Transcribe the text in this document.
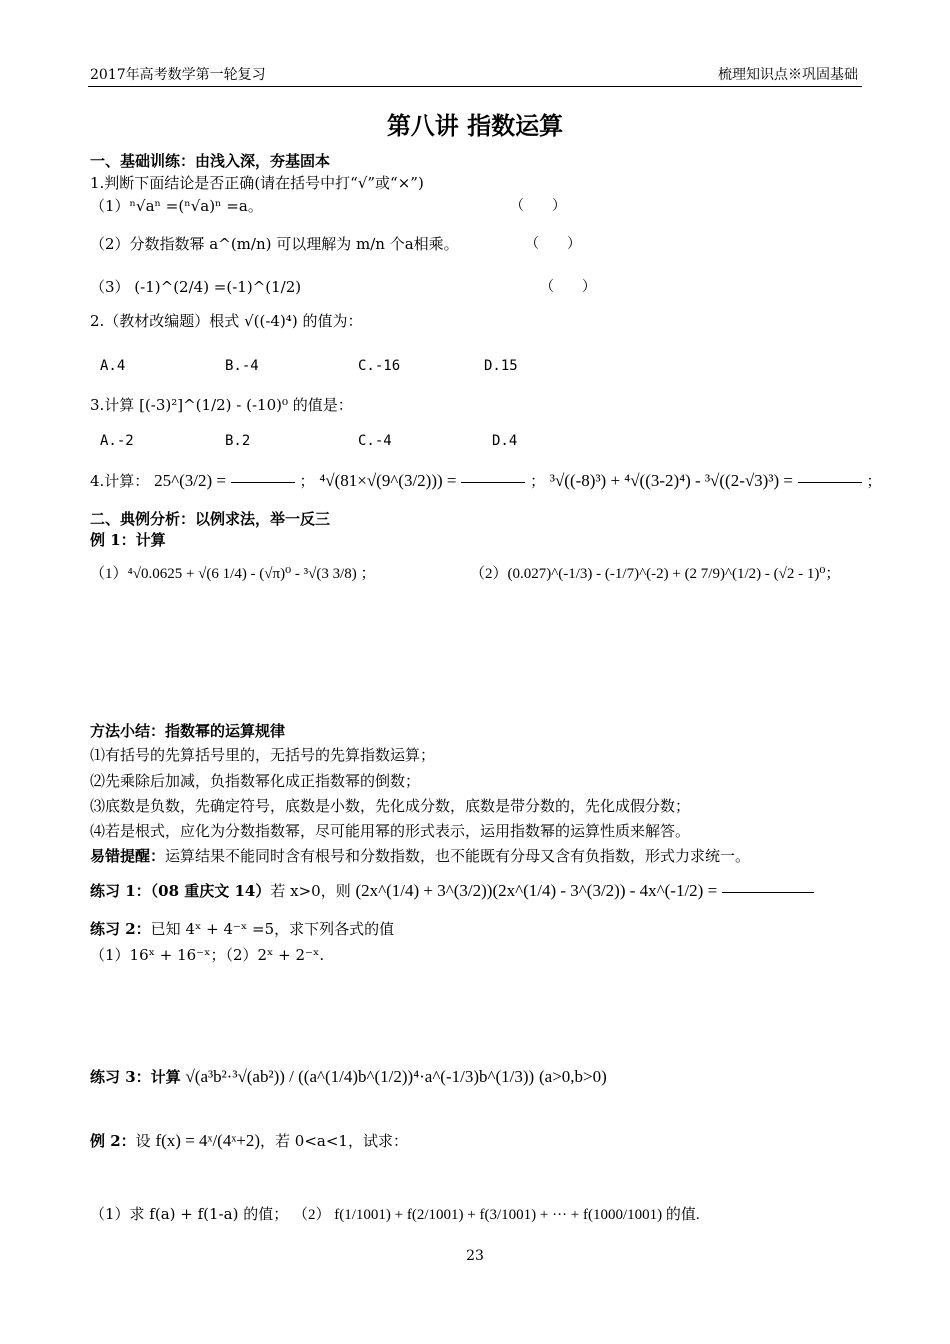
2017年高考数学第一轮复习	梳理知识点※巩固基础
第八讲 指数运算
一、基础训练：由浅入深，夯基固本
1.判断下面结论是否正确(请在括号中打“√”或“×”)
（1）ⁿ√aⁿ =(ⁿ√a)ⁿ =a。	（　　）
（2）分数指数幂 a^(m/n) 可以理解为 m/n 个a相乘。	（　　）
（3） (-1)^(2/4) =(-1)^(1/2)	（　　）
2.（教材改编题）根式 √((-4)⁴) 的值为：
A.4	B.-4	C.-16	D.15
3.计算 [(-3)²]^(1/2) - (-10)⁰ 的值是：
A.-2	B.2	C.-4	D.4
4.计算： 25^(3/2) =	； ⁴√(81×√(9^(3/2))) =	； ³√((-8)³) + ⁴√((3-2)⁴) - ³√((2-√3)³) =	；
二、典例分析：以例求法，举一反三
例 1：计算
（1）⁴√0.0625 + √(6 1/4) - (√π)⁰ - ³√(3 3/8) ；	（2）(0.027)^(-1/3) - (-1/7)^(-2) + (2 7/9)^(1/2) - (√2 - 1)⁰；
方法小结：指数幂的运算规律
⑴有括号的先算括号里的，无括号的先算指数运算；
⑵先乘除后加减，负指数幂化成正指数幂的倒数；
⑶底数是负数，先确定符号，底数是小数，先化成分数，底数是带分数的，先化成假分数；
⑷若是根式，应化为分数指数幂，尽可能用幂的形式表示，运用指数幂的运算性质来解答。
易错提醒：运算结果不能同时含有根号和分数指数，也不能既有分母又含有负指数，形式力求统一。
练习 1：（08 重庆文 14）若 x>0，则 (2x^(1/4) + 3^(3/2))(2x^(1/4) - 3^(3/2)) - 4x^(-1/2) =
练习 2：已知 4ˣ + 4⁻ˣ =5，求下列各式的值
（1）16ˣ + 16⁻ˣ；（2）2ˣ + 2⁻ˣ.
练习 3：计算 √(a³b²·³√(ab²)) / ((a^(1/4)b^(1/2))⁴·a^(-1/3)b^(1/3)) (a>0,b>0)
例 2：设 f(x) = 4ˣ/(4ˣ+2)，若 0<a<1，试求：
（1）求 f(a) + f(1-a) 的值； （2） f(1/1001) + f(2/1001) + f(3/1001) + ··· + f(1000/1001) 的值.
23
